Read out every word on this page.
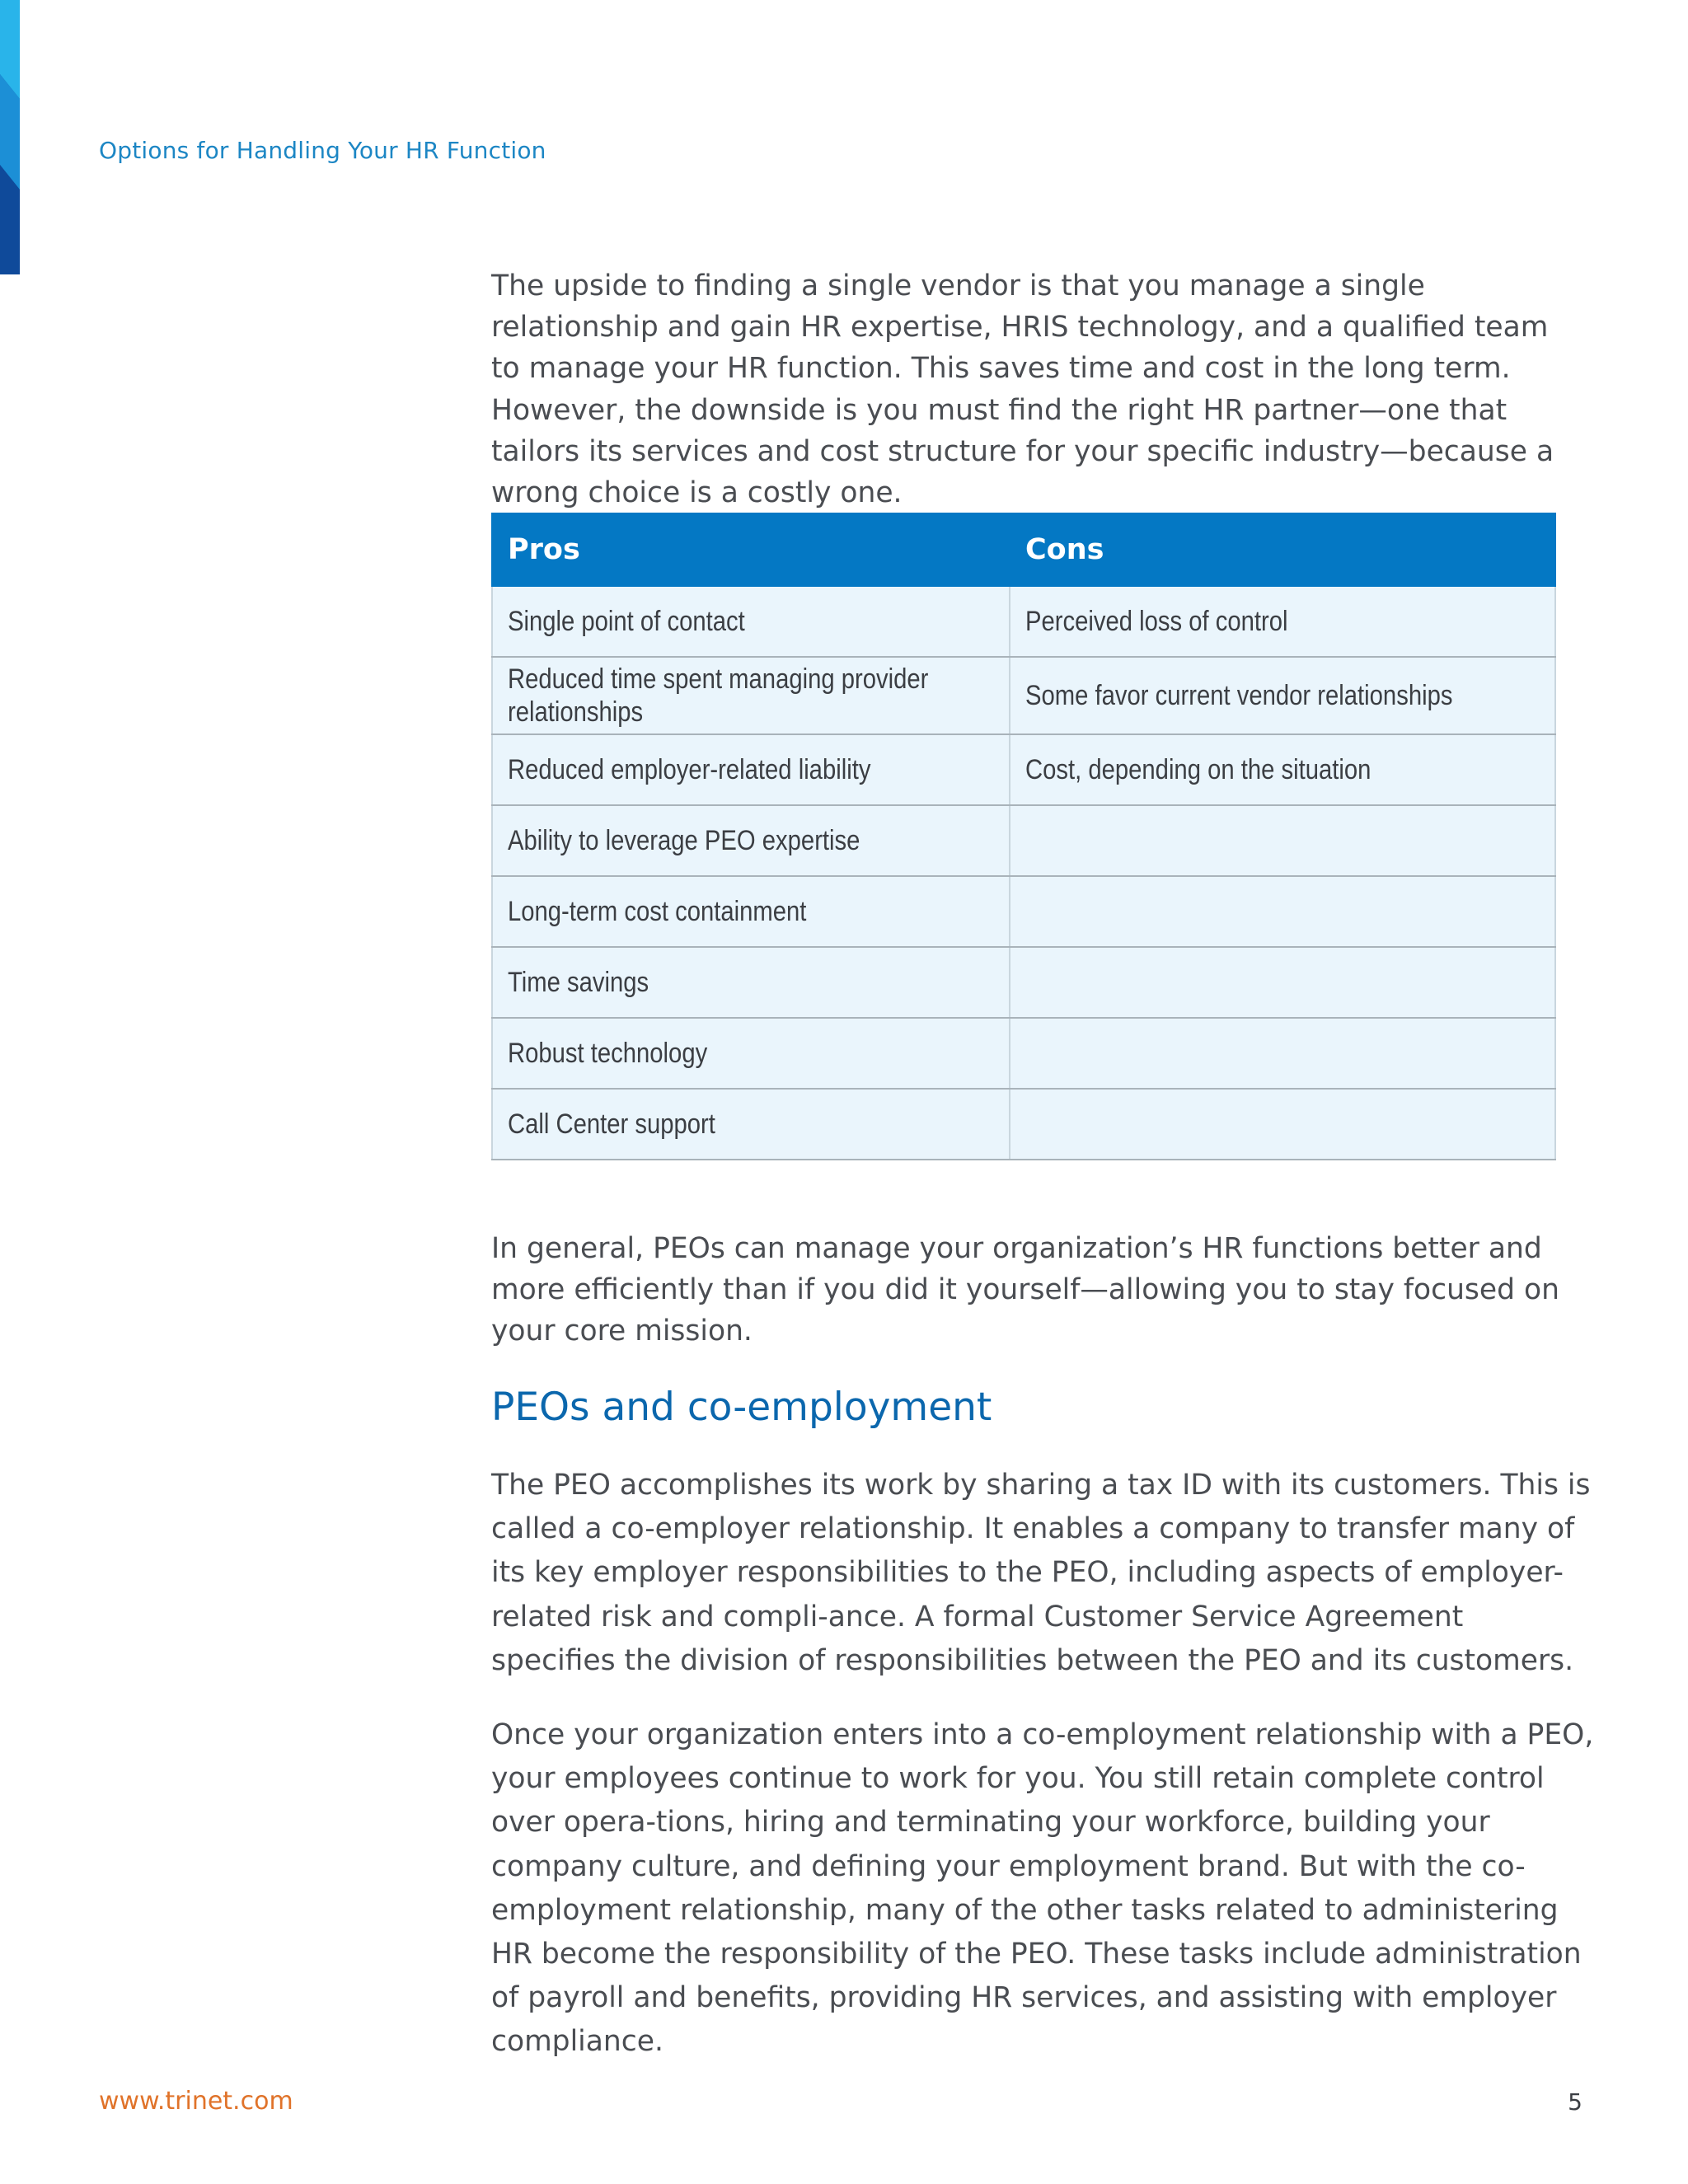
Options for Handling Your HR Function

The upside to finding a single vendor is that you manage a single relationship and gain HR expertise, HRIS technology, and a qualified team to manage your HR function. This saves time and cost in the long term. However, the downside is you must find the right HR partner—one that tailors its services and cost structure for your specific industry—because a wrong choice is a costly one.

Pros	Cons
Single point of contact	Perceived loss of control
Reduced time spent managing provider relationships	Some favor current vendor relationships
Reduced employer-related liability	Cost, depending on the situation
Ability to leverage PEO expertise	
Long-term cost containment	
Time savings	
Robust technology	
Call Center support	

In general, PEOs can manage your organization’s HR functions better and more efficiently than if you did it yourself—allowing you to stay focused on your core mission.

PEOs and co-employment

The PEO accomplishes its work by sharing a tax ID with its customers. This is called a co-employer relationship. It enables a company to transfer many of its key employer responsibilities to the PEO, including aspects of employer-related risk and compli-ance. A formal Customer Service Agreement specifies the division of responsibilities between the PEO and its customers.

Once your organization enters into a co-employment relationship with a PEO, your employees continue to work for you. You still retain complete control over opera-tions, hiring and terminating your workforce, building your company culture, and defining your employment brand. But with the co-employment relationship, many of the other tasks related to administering HR become the responsibility of the PEO. These tasks include administration of payroll and benefits, providing HR services, and assisting with employer compliance.

www.trinet.com	5
